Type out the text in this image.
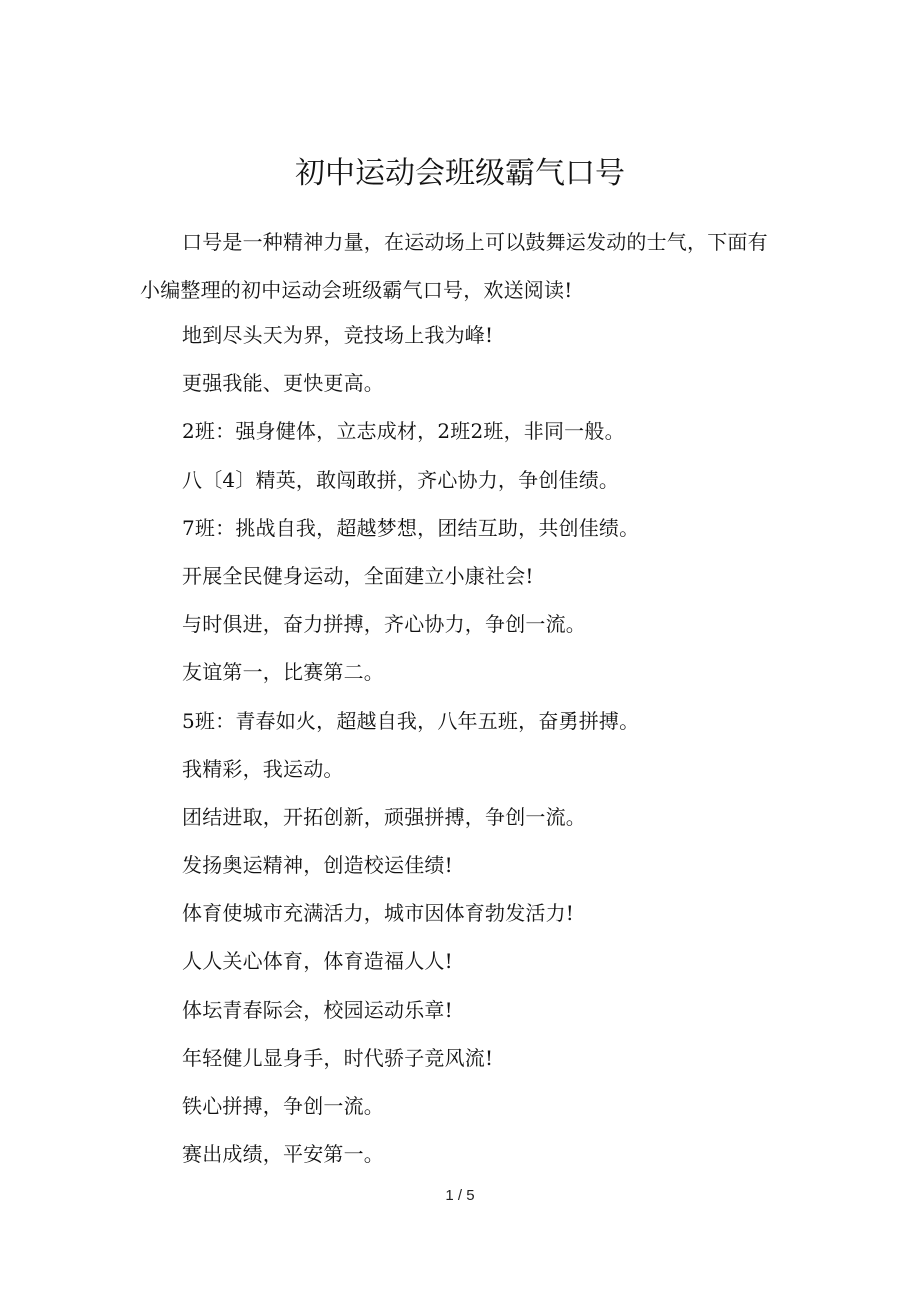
初中运动会班级霸气口号

口号是一种精神力量，在运动场上可以鼓舞运发动的士气，下面有小编整理的初中运动会班级霸气口号，欢送阅读!

地到尽头天为界，竞技场上我为峰!
更强我能、更快更高。
2班：强身健体，立志成材，2班2班，非同一般。
八〔4〕精英，敢闯敢拼，齐心协力，争创佳绩。
7班：挑战自我，超越梦想，团结互助，共创佳绩。
开展全民健身运动，全面建立小康社会!
与时俱进，奋力拼搏，齐心协力，争创一流。
友谊第一，比赛第二。
5班：青春如火，超越自我，八年五班，奋勇拼搏。
我精彩，我运动。
团结进取，开拓创新，顽强拼搏，争创一流。
发扬奥运精神，创造校运佳绩!
体育使城市充满活力，城市因体育勃发活力!
人人关心体育，体育造福人人!
体坛青春际会，校园运动乐章!
年轻健儿显身手，时代骄子竞风流!
铁心拼搏，争创一流。
赛出成绩，平安第一。
1 / 5
